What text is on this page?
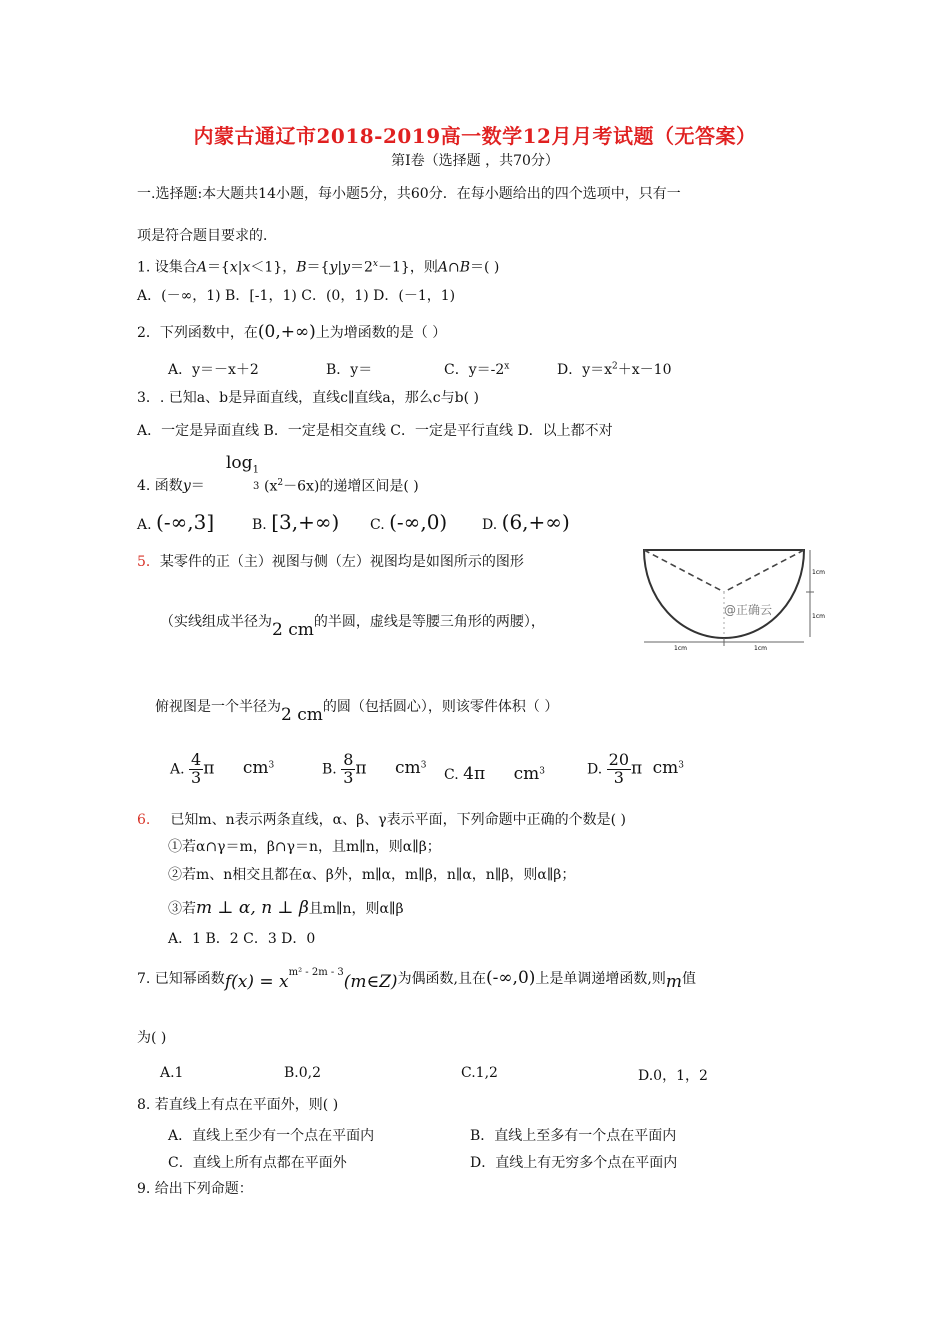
内蒙古通辽市2018-2019高一数学12月月考试题（无答案）
第Ⅰ卷（选择题 ，共70分）
一.选择题:本大题共14小题，每小题5分，共60分．在每小题给出的四个选项中，只有一
项是符合题目要求的．
1. 设集合A＝{x|x＜1}，$B=\{y|y=2^x-1\}$，则A∩B＝( )
A．(－∞，1) B．[-1，1) C．(0，1) D．(－1，1)
2．下列函数中，在(0,+∞)上为增函数的是（ ）
A．y＝－x＋2	B．y＝	C．$y=-2^x$	D．$y=x^2+x-10$
3．. 已知a、b是异面直线，直线c∥直线a，那么c与b( )
A．一定是异面直线 B．一定是相交直线 C．一定是平行直线 D．以上都不对
$\log_1$
3
4. 函数y＝	$(x^2-6x)$的递增区间是( )
A. (-∞,3]	B. [3,+∞) C. (-∞,0) D. (6,+∞)
5．某零件的正（主）视图与侧（左）视图均是如图所示的图形
（实线组成半径为2 cm的半圆，虚线是等腰三角形的两腰），
俯视图是一个半径为2 cm的圆（包括圆心），则该零件体积（ ）
1cm
1cm
1cm	1cm
@正确云
A. $\frac{4}{3}$ π $cm^3$	B. $\frac{8}{3}$ π $cm^3$
C. 4π $cm^3$	D. $\frac{20}{3}$ π $cm^3$
6. 已知m、n表示两条直线，α、β、γ表示平面，下列命题中正确的个数是( )
①若α∩γ＝m，β∩γ＝n，且m∥n，则α∥β；
②若m、n相交且都在α、β外，m∥α，m∥β，n∥α，n∥β，则α∥β；
③若m ⊥ α, n ⊥ β且m∥n，则α∥β
A．1 B．2 C．3 D．0
7. 已知幂函数$f(x) = x^{m^2 - 2m - 3}(m\in Z)$为偶函数,且在(-∞,0)上是单调递增函数,则m值
为( )
A.1	B.0,2	C.1,2	D.0，1，2
8. 若直线上有点在平面外，则( )
A．直线上至少有一个点在平面内	B．直线上至多有一个点在平面内
C．直线上所有点都在平面外	D．直线上有无穷多个点在平面内
9. 给出下列命题：
